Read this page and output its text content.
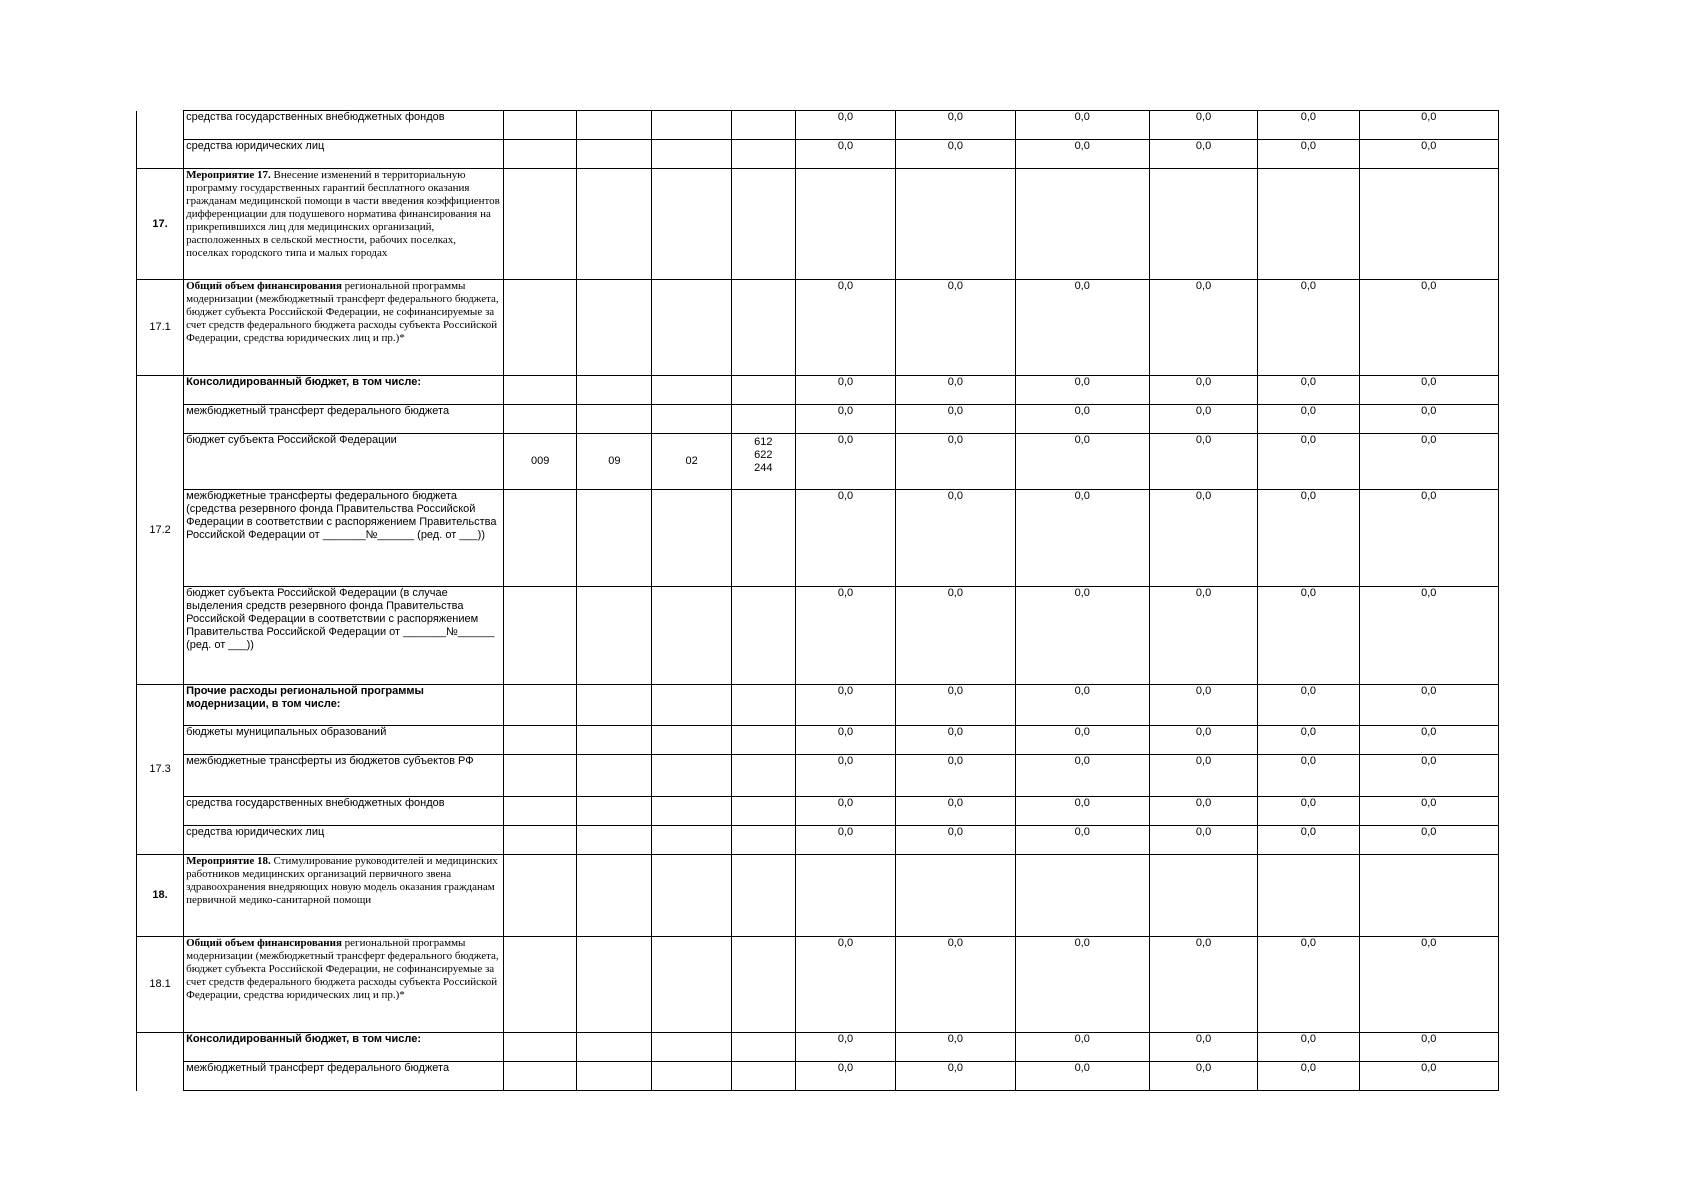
	средства государственных внебюджетных фондов					0,0	0,0	0,0	0,0	0,0	0,0
	средства юридических лиц					0,0	0,0	0,0	0,0	0,0	0,0
17.	Мероприятие 17. Внесение изменений в территориальную программу государственных гарантий бесплатного оказания гражданам медицинской помощи в части введения коэффициентов дифференциации для подушевого норматива финансирования на прикрепившихся лиц для медицинских организаций, расположенных в сельской местности, рабочих поселках, поселках городского типа и малых городах										
17.1	Общий объем финансирования региональной программы модернизации (межбюджетный трансферт федерального бюджета, бюджет субъекта Российской Федерации, не софинансируемые за счет средств федерального бюджета расходы субъекта Российской Федерации, средства юридических лиц и пр.)*					0,0	0,0	0,0	0,0	0,0	0,0
17.2	Консолидированный бюджет, в том числе:					0,0	0,0	0,0	0,0	0,0	0,0
	межбюджетный трансферт федерального бюджета					0,0	0,0	0,0	0,0	0,0	0,0
	бюджет субъекта Российской Федерации	009	09	02	612
622
244	0,0	0,0	0,0	0,0	0,0	0,0
	межбюджетные трансферты федерального бюджета (средства резервного фонда Правительства Российской Федерации в соответствии с распоряжением Правительства Российской Федерации от _______№______ (ред. от ___))					0,0	0,0	0,0	0,0	0,0	0,0
	бюджет субъекта Российской Федерации (в случае выделения средств резервного фонда Правительства Российской Федерации в соответствии с распоряжением Правительства Российской Федерации от _______№______ (ред. от ___))					0,0	0,0	0,0	0,0	0,0	0,0
17.3	Прочие расходы региональной программы модернизации, в том числе:					0,0	0,0	0,0	0,0	0,0	0,0
	бюджеты муниципальных образований					0,0	0,0	0,0	0,0	0,0	0,0
	межбюджетные трансферты из бюджетов субъектов РФ					0,0	0,0	0,0	0,0	0,0	0,0
	средства государственных внебюджетных фондов					0,0	0,0	0,0	0,0	0,0	0,0
	средства юридических лиц					0,0	0,0	0,0	0,0	0,0	0,0
18.	Мероприятие 18. Стимулирование руководителей и медицинских работников медицинских организаций первичного звена здравоохранения внедряющих новую модель оказания гражданам первичной медико-санитарной помощи										
18.1	Общий объем финансирования региональной программы модернизации (межбюджетный трансферт федерального бюджета, бюджет субъекта Российской Федерации, не софинансируемые за счет средств федерального бюджета расходы субъекта Российской Федерации, средства юридических лиц и пр.)*					0,0	0,0	0,0	0,0	0,0	0,0
	Консолидированный бюджет, в том числе:					0,0	0,0	0,0	0,0	0,0	0,0
	межбюджетный трансферт федерального бюджета					0,0	0,0	0,0	0,0	0,0	0,0
